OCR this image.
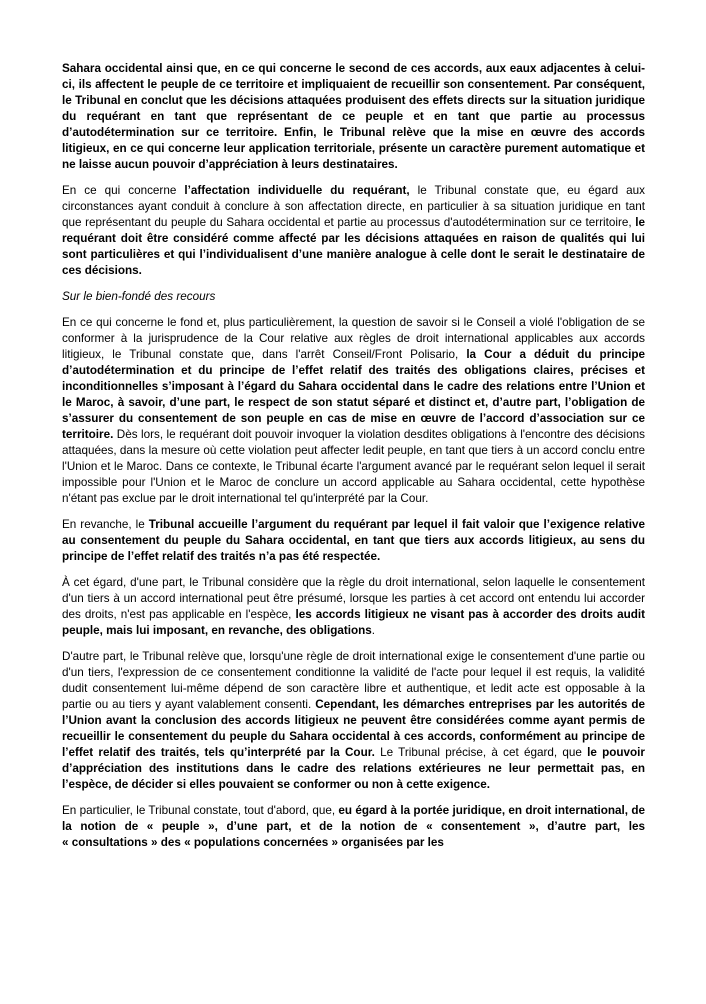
Sahara occidental ainsi que, en ce qui concerne le second de ces accords, aux eaux adjacentes à celui-ci, ils affectent le peuple de ce territoire et impliquaient de recueillir son consentement. Par conséquent, le Tribunal en conclut que les décisions attaquées produisent des effets directs sur la situation juridique du requérant en tant que représentant de ce peuple et en tant que partie au processus d’autodétermination sur ce territoire. Enfin, le Tribunal relève que la mise en œuvre des accords litigieux, en ce qui concerne leur application territoriale, présente un caractère purement automatique et ne laisse aucun pouvoir d’appréciation à leurs destinataires.

En ce qui concerne l’affectation individuelle du requérant, le Tribunal constate que, eu égard aux circonstances ayant conduit à conclure à son affectation directe, en particulier à sa situation juridique en tant que représentant du peuple du Sahara occidental et partie au processus d'autodétermination sur ce territoire, le requérant doit être considéré comme affecté par les décisions attaquées en raison de qualités qui lui sont particulières et qui l’individualisent d’une manière analogue à celle dont le serait le destinataire de ces décisions.

Sur le bien-fondé des recours

En ce qui concerne le fond et, plus particulièrement, la question de savoir si le Conseil a violé l'obligation de se conformer à la jurisprudence de la Cour relative aux règles de droit international applicables aux accords litigieux, le Tribunal constate que, dans l'arrêt Conseil/Front Polisario, la Cour a déduit du principe d’autodétermination et du principe de l’effet relatif des traités des obligations claires, précises et inconditionnelles s’imposant à l’égard du Sahara occidental dans le cadre des relations entre l’Union et le Maroc, à savoir, d’une part, le respect de son statut séparé et distinct et, d’autre part, l’obligation de s’assurer du consentement de son peuple en cas de mise en œuvre de l’accord d’association sur ce territoire. Dès lors, le requérant doit pouvoir invoquer la violation desdites obligations à l'encontre des décisions attaquées, dans la mesure où cette violation peut affecter ledit peuple, en tant que tiers à un accord conclu entre l'Union et le Maroc. Dans ce contexte, le Tribunal écarte l'argument avancé par le requérant selon lequel il serait impossible pour l'Union et le Maroc de conclure un accord applicable au Sahara occidental, cette hypothèse n'étant pas exclue par le droit international tel qu'interprété par la Cour.

En revanche, le Tribunal accueille l’argument du requérant par lequel il fait valoir que l’exigence relative au consentement du peuple du Sahara occidental, en tant que tiers aux accords litigieux, au sens du principe de l’effet relatif des traités n’a pas été respectée.

À cet égard, d'une part, le Tribunal considère que la règle du droit international, selon laquelle le consentement d'un tiers à un accord international peut être présumé, lorsque les parties à cet accord ont entendu lui accorder des droits, n'est pas applicable en l'espèce, les accords litigieux ne visant pas à accorder des droits audit peuple, mais lui imposant, en revanche, des obligations.

D'autre part, le Tribunal relève que, lorsqu'une règle de droit international exige le consentement d'une partie ou d'un tiers, l'expression de ce consentement conditionne la validité de l'acte pour lequel il est requis, la validité dudit consentement lui-même dépend de son caractère libre et authentique, et ledit acte est opposable à la partie ou au tiers y ayant valablement consenti. Cependant, les démarches entreprises par les autorités de l’Union avant la conclusion des accords litigieux ne peuvent être considérées comme ayant permis de recueillir le consentement du peuple du Sahara occidental à ces accords, conformément au principe de l’effet relatif des traités, tels qu’interprété par la Cour. Le Tribunal précise, à cet égard, que le pouvoir d’appréciation des institutions dans le cadre des relations extérieures ne leur permettait pas, en l’espèce, de décider si elles pouvaient se conformer ou non à cette exigence.

En particulier, le Tribunal constate, tout d'abord, que, eu égard à la portée juridique, en droit international, de la notion de « peuple », d’une part, et de la notion de « consentement », d’autre part, les « consultations » des « populations concernées » organisées par les
